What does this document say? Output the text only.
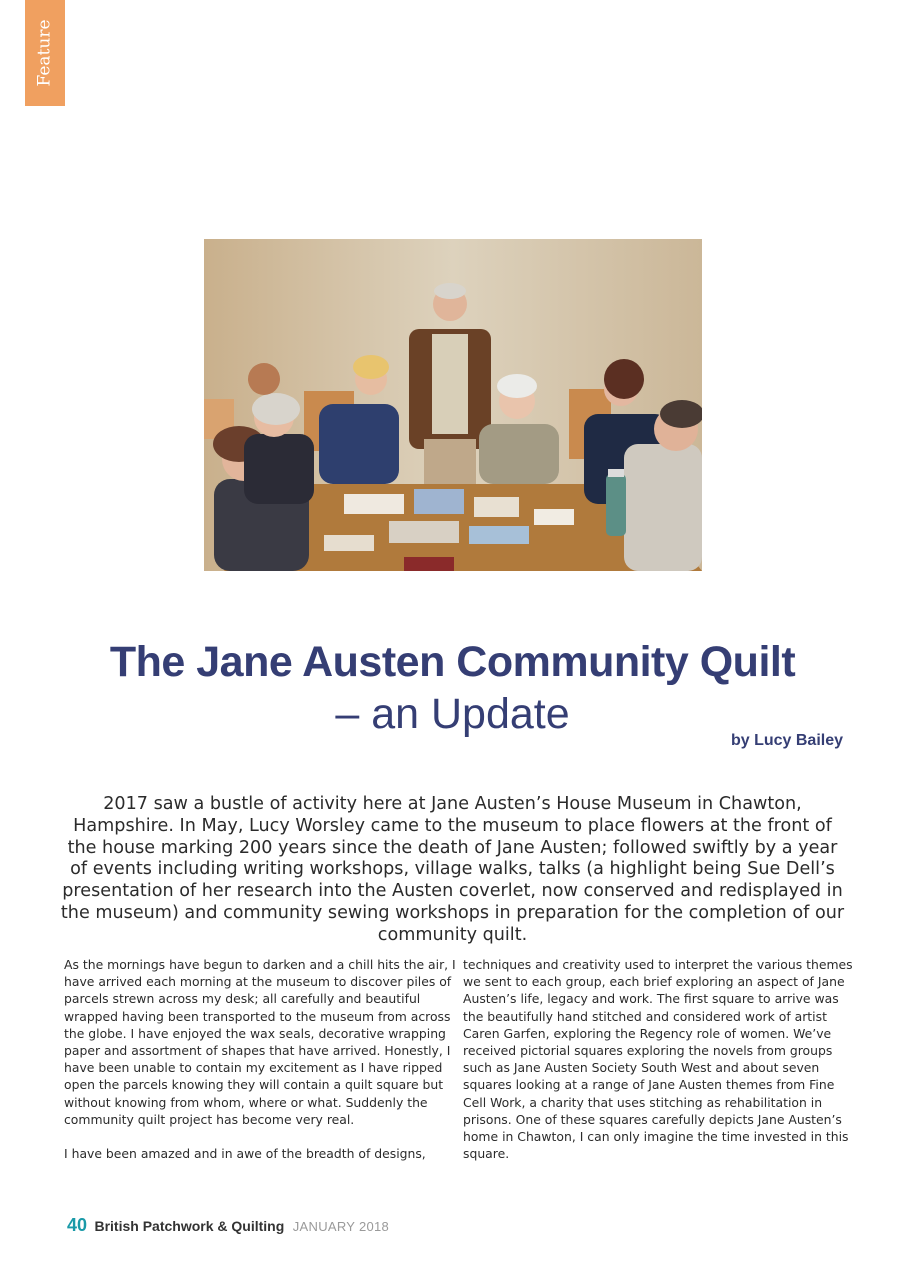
Feature
The Jane Austen Community Quilt
– an Update
by Lucy Bailey

2017 saw a bustle of activity here at Jane Austen’s House Museum in Chawton, Hampshire. In May, Lucy Worsley came to the museum to place flowers at the front of the house marking 200 years since the death of Jane Austen; followed swiftly by a year of events including writing workshops, village walks, talks (a highlight being Sue Dell’s presentation of her research into the Austen coverlet, now conserved and redisplayed in the museum) and community sewing workshops in preparation for the completion of our community quilt.

As the mornings have begun to darken and a chill hits the air, I have arrived each morning at the museum to discover piles of parcels strewn across my desk; all carefully and beautiful wrapped having been transported to the museum from across the globe. I have enjoyed the wax seals, decorative wrapping paper and assortment of shapes that have arrived. Honestly, I have been unable to contain my excitement as I have ripped open the parcels knowing they will contain a quilt square but without knowing from whom, where or what. Suddenly the community quilt project has become very real.

I have been amazed and in awe of the breadth of designs,

techniques and creativity used to interpret the various themes we sent to each group, each brief exploring an aspect of Jane Austen’s life, legacy and work. The first square to arrive was the beautifully hand stitched and considered work of artist Caren Garfen, exploring the Regency role of women. We’ve received pictorial squares exploring the novels from groups such as Jane Austen Society South West and about seven squares looking at a range of Jane Austen themes from Fine Cell Work, a charity that uses stitching as rehabilitation in prisons. One of these squares carefully depicts Jane Austen’s home in Chawton, I can only imagine the time invested in this square.

40 British Patchwork & Quilting JANUARY 2018
